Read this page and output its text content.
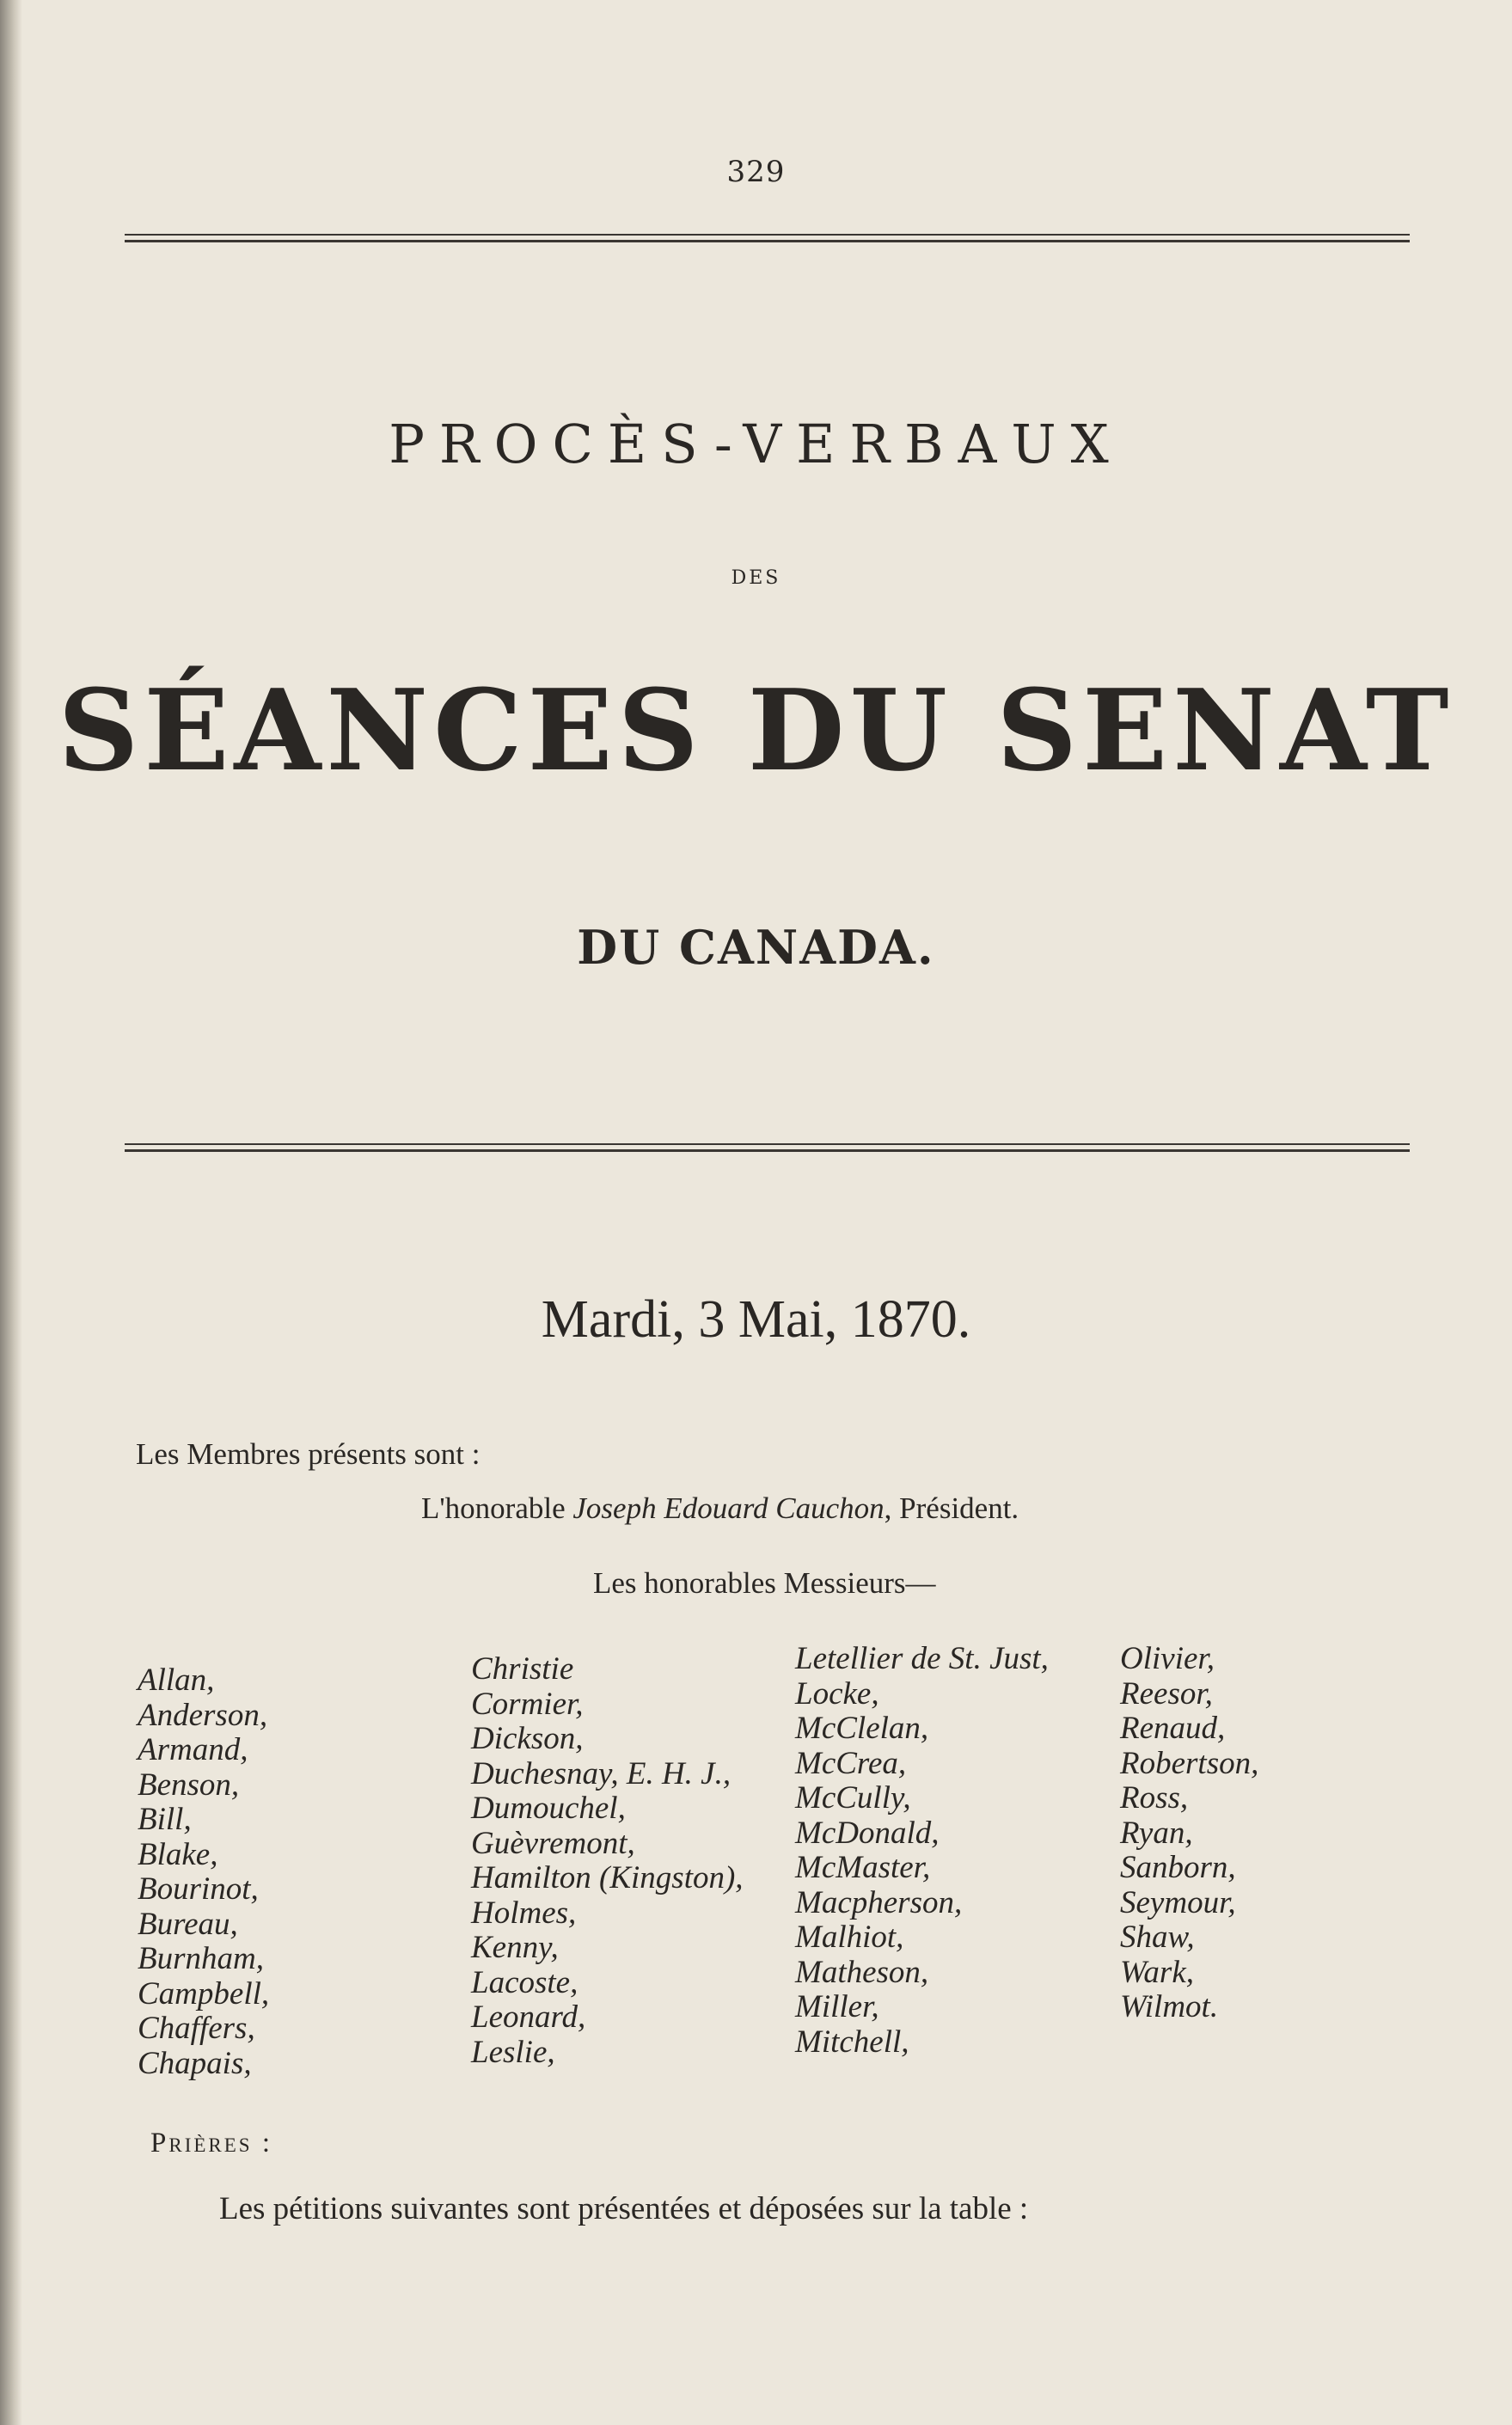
329
PROCÈS-VERBAUX
DES
SÉANCES DU SENAT
DU CANADA.
Mardi, 3 Mai, 1870.
Les Membres présents sont :
L'honorable Joseph Edouard Cauchon, Président.
Les honorables Messieurs—
Allan,
Anderson,
Armand,
Benson,
Bill,
Blake,
Bourinot,
Bureau,
Burnham,
Campbell,
Chaffers,
Chapais,
Christie
Cormier,
Dickson,
Duchesnay, E. H. J.,
Dumouchel,
Guèvremont,
Hamilton (Kingston),
Holmes,
Kenny,
Lacoste,
Leonard,
Leslie,
Letellier de St. Just,
Locke,
McClelan,
McCrea,
McCully,
McDonald,
McMaster,
Macpherson,
Malhiot,
Matheson,
Miller,
Mitchell,
Olivier,
Reesor,
Renaud,
Robertson,
Ross,
Ryan,
Sanborn,
Seymour,
Shaw,
Wark,
Wilmot.
Prières :
Les pétitions suivantes sont présentées et déposées sur la table :
